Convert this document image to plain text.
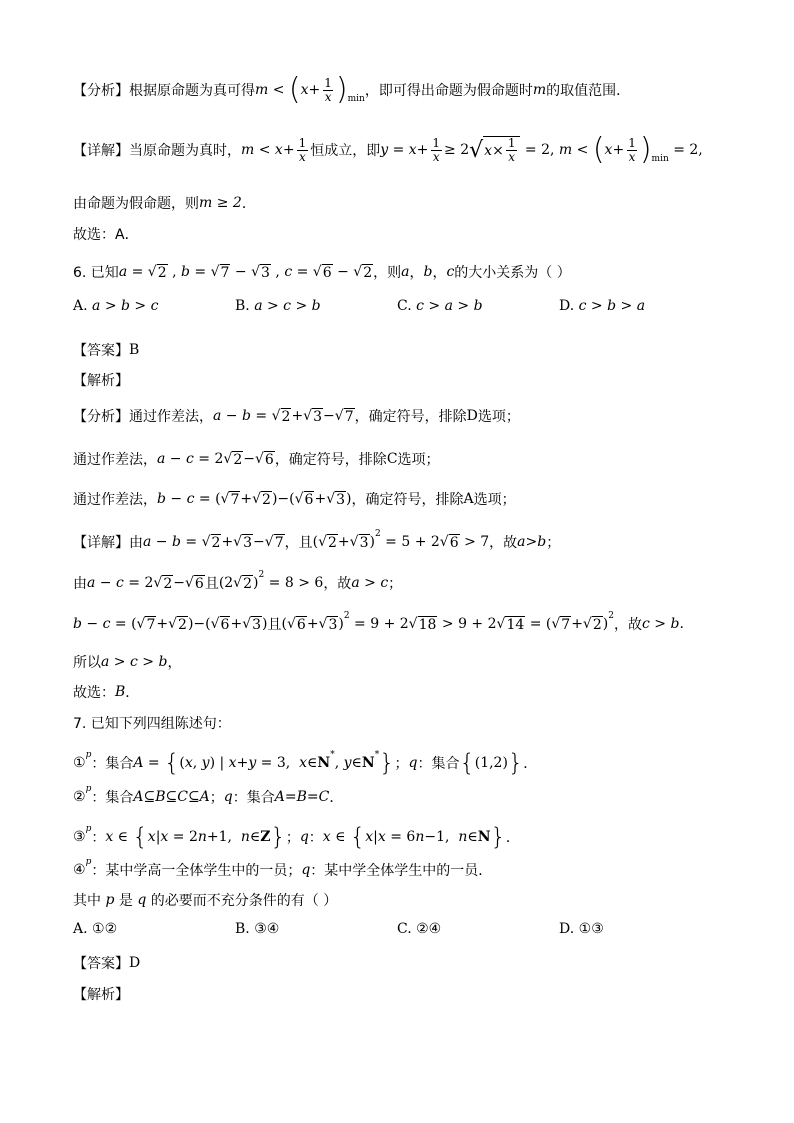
【分析】 根据原命题为真可得 m < ( $x + \frac{1}{x}$ ) min ，即可得出命题为假命题时 m 的取值范围．
【详解】 当原命题为真时， $m < x + \frac{1}{x}$ 恒成立，即 $y = x + \frac{1}{x} \ge 2$ √ $x \times \frac{1}{x} = 2$, m < ( $x + \frac{1}{x}$ ) min
= 2,
由命题为假命题，则 m ≥ 2 ．
故选：A．
6. 已知 a = √ 2 , b = √ 7 − √ 3 , c = √ 6 − √ 2 ，则 a ， b ， c 的大小关系为（ ）
A. a > b > c	B. a > c > b	C. c > a > b	D. c > b > a
【答案】 B
【解析】
【分析】 通过作差法， a − b = √ 2 +√ 3 −√ 7 ，确定符号，排除 D 选项；
通过作差法， a − c = 2√ 2 −√ 6 ，确定符号，排除 C 选项；
通过作差法， b − c = (√ 7 +√ 2 )−(√ 6 +√ 3 ) ，确定符号，排除 A 选项；
【详解】 由 a − b = √ 2 +√ 3 −√ 7 ，且 (√ 2 +√ 3 ) 2 = 5 + 2√ 6 > 7 ，故 a > b ；
由 a − c = 2√ 2 −√ 6 且 (2√ 2 ) 2 = 8 > 6 ，故 a > c ；
b − c = (√ 7 +√ 2 )−(√ 6 +√ 3 ) 且 (√ 6 +√ 3 ) 2 = 9 + 2√ 18 > 9 + 2√ 14 = (√ 7 +√ 2 ) 2
，故 c > b .
所以 a > c > b ，
故选： B ．
7. 已知下列四组陈述句：
① p
：集合 A = { ( x , y ) | x + y = 3, x ∈N * , y ∈N * } ； q ：集合 { (1,2) } ．
② p
：集合 A ⊆ B ⊆ C ⊆ A ； q ：集合 A = B = C ．
③ p
： x ∈ { x | x = 2 n +1, n ∈Z } ； q ： x ∈ { x | x = 6 n −1, n ∈N } ．
④ p
：某中学高一全体学生中的一员； q ：某中学全体学生中的一员．
其中 p 是 q 的必要而不充分条件的有（ ）
A. ①②	B. ③④	C. ②④	D. ①③
【答案】 D
【解析】
